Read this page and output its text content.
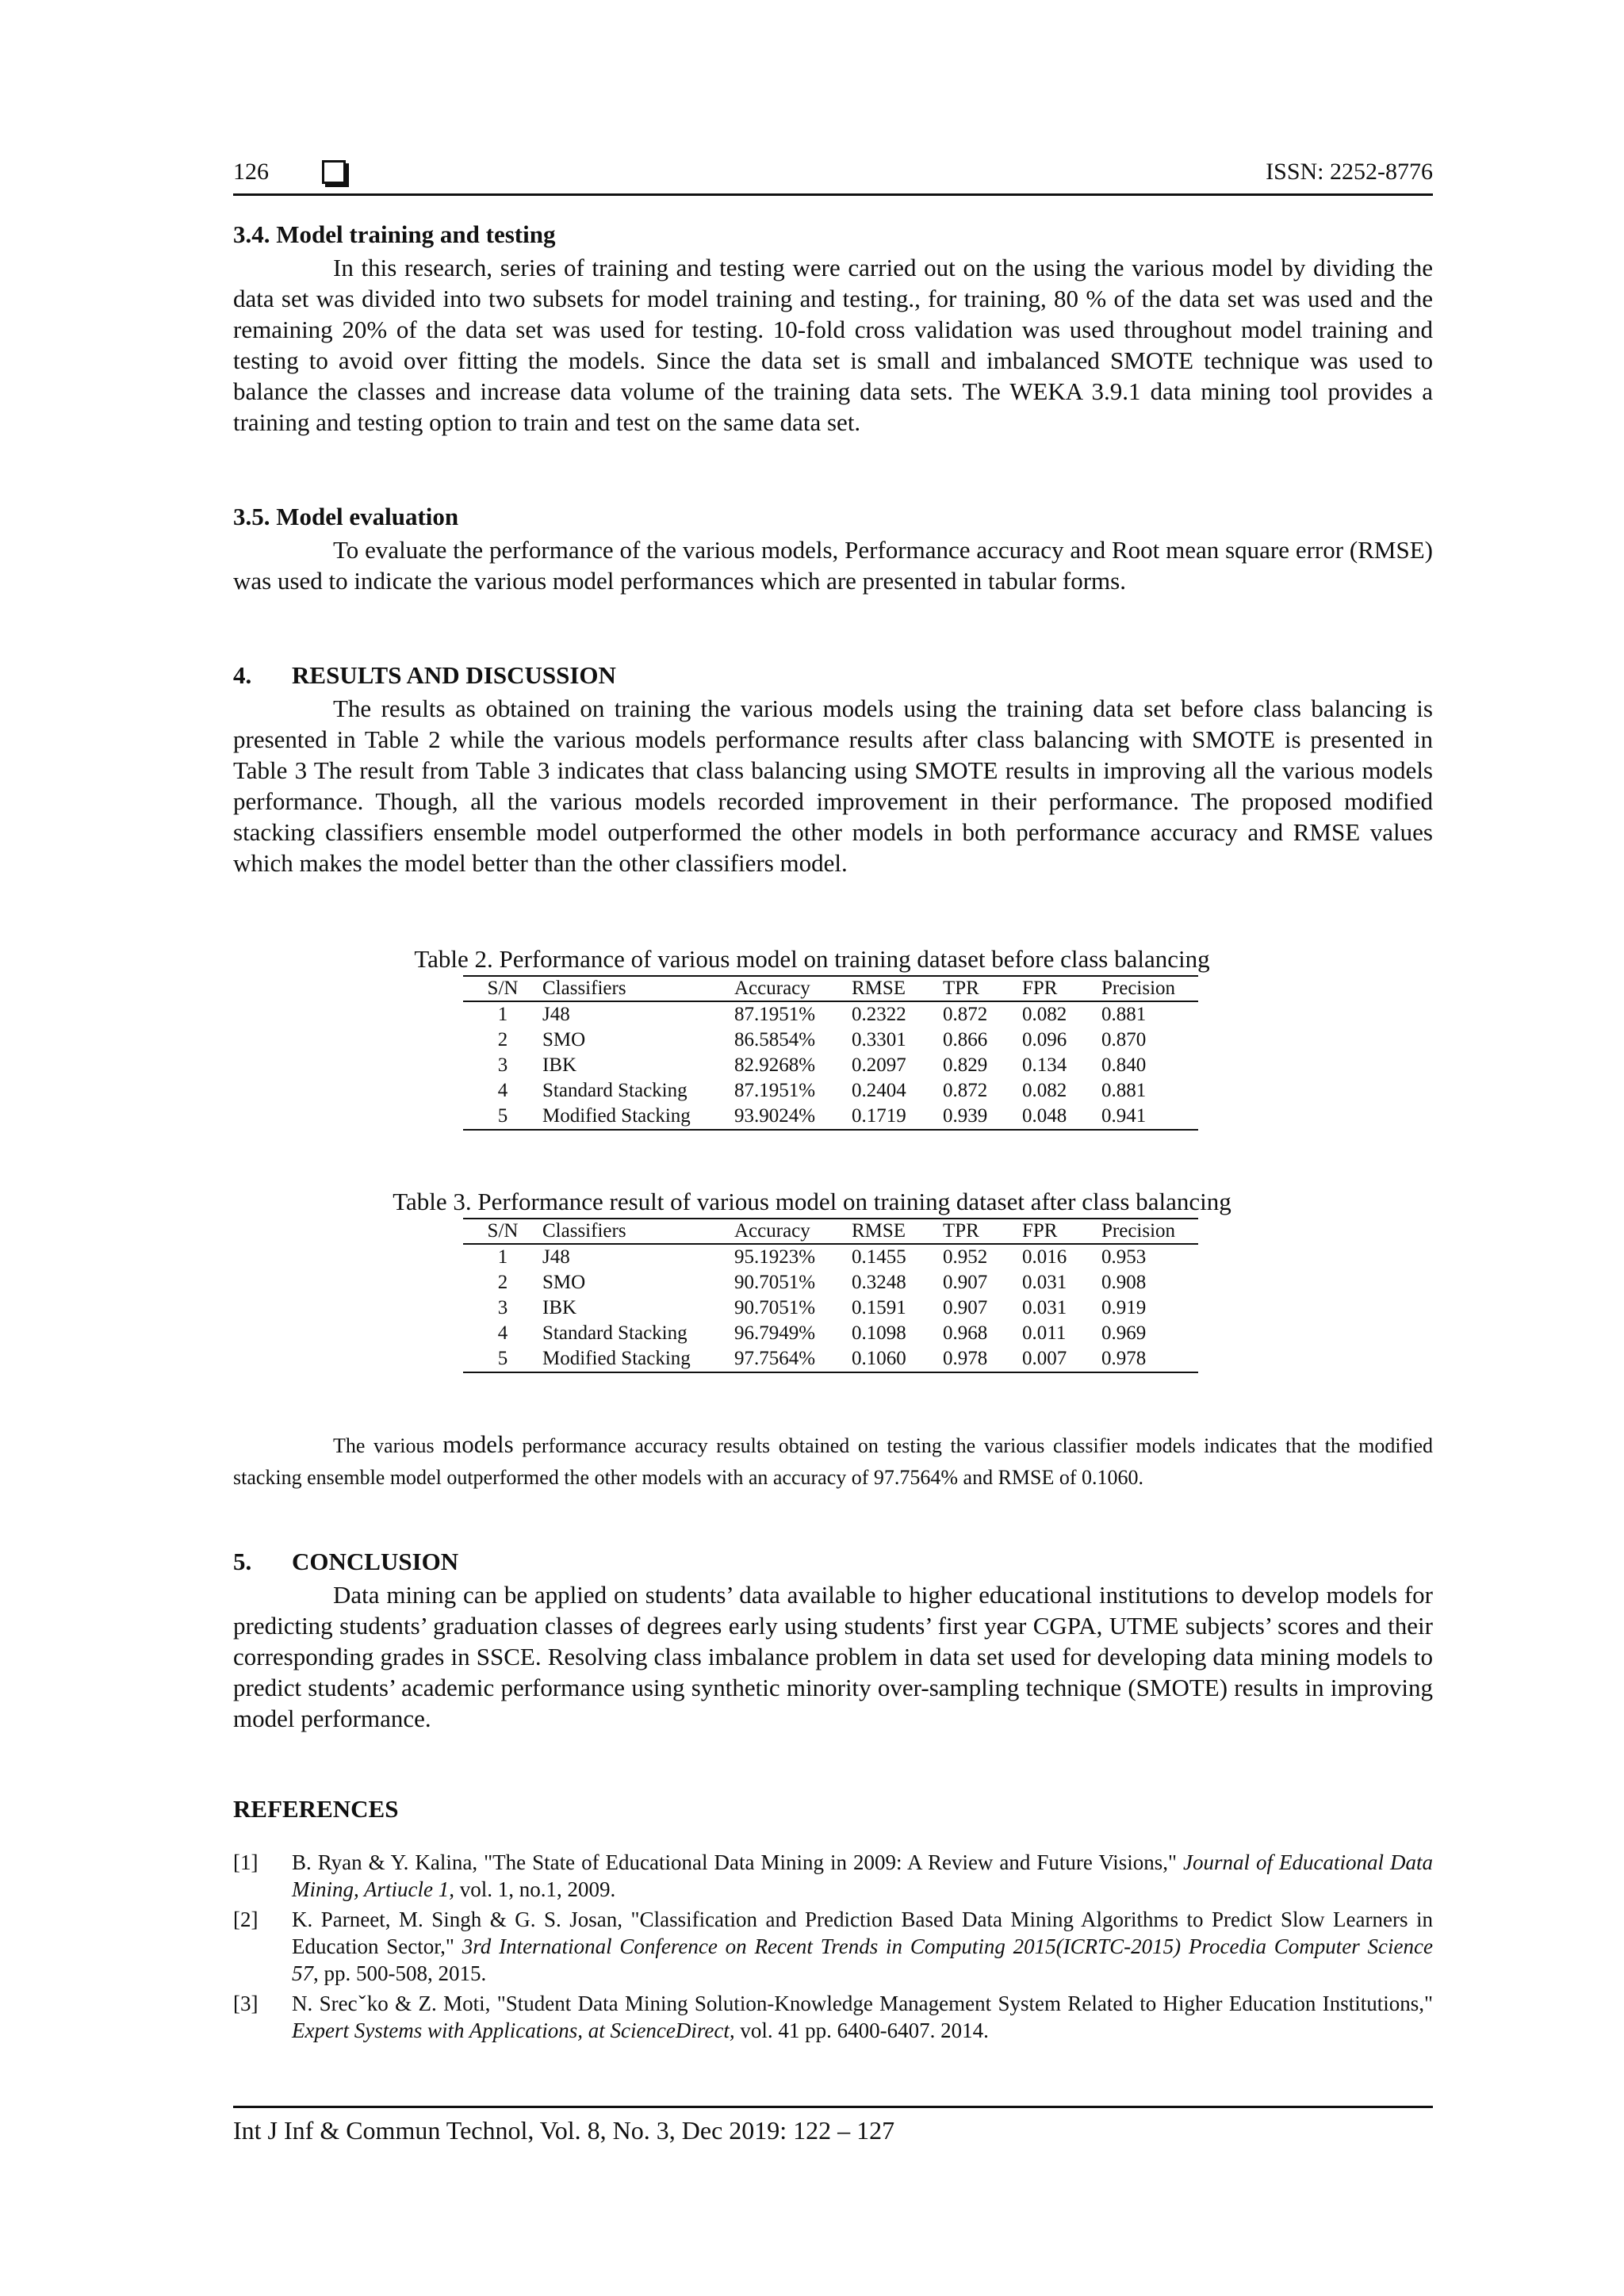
126	ISSN: 2252-8776
3.4. Model training and testing

In this research, series of training and testing were carried out on the using the various model by dividing the data set was divided into two subsets for model training and testing., for training, 80 % of the data set was used and the remaining 20% of the data set was used for testing. 10-fold cross validation was used throughout model training and testing to avoid over fitting the models. Since the data set is small and imbalanced SMOTE technique was used to balance the classes and increase data volume of the training data sets. The WEKA 3.9.1 data mining tool provides a training and testing option to train and test on the same data set.

3.5. Model evaluation

To evaluate the performance of the various models, Performance accuracy and Root mean square error (RMSE) was used to indicate the various model performances which are presented in tabular forms.

4. RESULTS AND DISCUSSION

The results as obtained on training the various models using the training data set before class balancing is presented in Table 2 while the various models performance results after class balancing with SMOTE is presented in Table 3 The result from Table 3 indicates that class balancing using SMOTE results in improving all the various models performance. Though, all the various models recorded improvement in their performance. The proposed modified stacking classifiers ensemble model outperformed the other models in both performance accuracy and RMSE values which makes the model better than the other classifiers model.

Table 2. Performance of various model on training dataset before class balancing
S/N	Classifiers	Accuracy	RMSE	TPR	FPR	Precision
1	J48	87.1951%	0.2322	0.872	0.082	0.881
2	SMO	86.5854%	0.3301	0.866	0.096	0.870
3	IBK	82.9268%	0.2097	0.829	0.134	0.840
4	Standard Stacking	87.1951%	0.2404	0.872	0.082	0.881
5	Modified Stacking	93.9024%	0.1719	0.939	0.048	0.941
Table 3. Performance result of various model on training dataset after class balancing
S/N	Classifiers	Accuracy	RMSE	TPR	FPR	Precision
1	J48	95.1923%	0.1455	0.952	0.016	0.953
2	SMO	90.7051%	0.3248	0.907	0.031	0.908
3	IBK	90.7051%	0.1591	0.907	0.031	0.919
4	Standard Stacking	96.7949%	0.1098	0.968	0.011	0.969
5	Modified Stacking	97.7564%	0.1060	0.978	0.007	0.978

The various models performance accuracy results obtained on testing the various classifier models indicates that the modified stacking ensemble model outperformed the other models with an accuracy of 97.7564% and RMSE of 0.1060.

5. CONCLUSION

Data mining can be applied on students’ data available to higher educational institutions to develop models for predicting students’ graduation classes of degrees early using students’ first year CGPA, UTME subjects’ scores and their corresponding grades in SSCE. Resolving class imbalance problem in data set used for developing data mining models to predict students’ academic performance using synthetic minority over-sampling technique (SMOTE) results in improving model performance.

REFERENCES
[1] B. Ryan & Y. Kalina, "The State of Educational Data Mining in 2009: A Review and Future Visions," Journal of Educational Data Mining, Artiucle 1, vol. 1, no.1, 2009.
[2] K. Parneet, M. Singh & G. S. Josan, "Classification and Prediction Based Data Mining Algorithms to Predict Slow Learners in Education Sector," 3rd International Conference on Recent Trends in Computing 2015(ICRTC-2015) Procedia Computer Science 57, pp. 500-508, 2015.
[3] N. Srecˇko & Z. Moti, "Student Data Mining Solution-Knowledge Management System Related to Higher Education Institutions," Expert Systems with Applications, at ScienceDirect, vol. 41 pp. 6400-6407. 2014.
Int J Inf & Commun Technol, Vol. 8, No. 3, Dec 2019: 122 – 127
